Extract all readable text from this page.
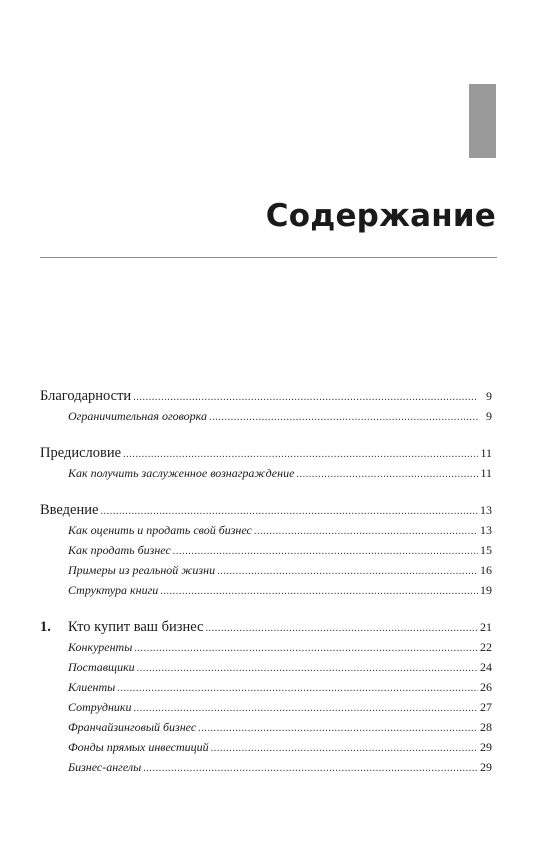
Содержание
Благодарности .....	9
Ограничительная оговорка .....	9
Предисловие .....	11
Как получить заслуженное вознаграждение .....	11
Введение .....	13
Как оценить и продать свой бизнес .....	13
Как продать бизнес .....	15
Примеры из реальной жизни .....	16
Структура книги .....	19
1.	Кто купит ваш бизнес .....	21
Конкуренты .....	22
Поставщики .....	24
Клиенты .....	26
Сотрудники .....	27
Франчайзинговый бизнес .....	28
Фонды прямых инвестиций .....	29
Бизнес-ангелы .....	29
